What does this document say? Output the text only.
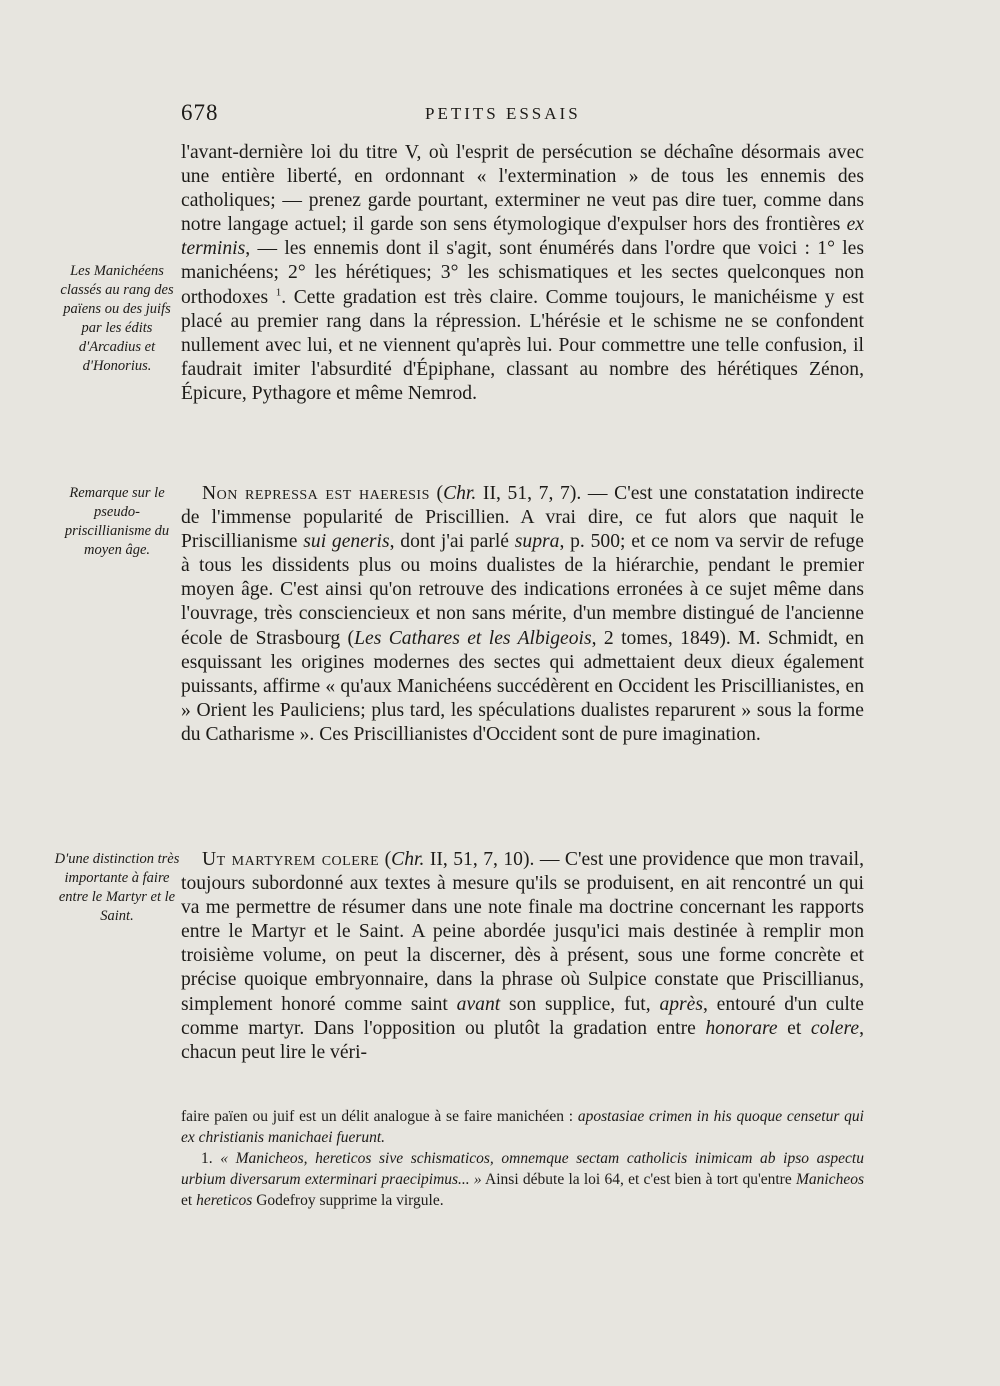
678	PETITS ESSAIS
Les Manichéens classés au rang des païens ou des juifs par les édits d'Arcadius et d'Honorius.
Remarque sur le pseudo-priscillianisme du moyen âge.
D'une distinction très importante à faire entre le Martyr et le Saint.

l'avant-dernière loi du titre V, où l'esprit de persécution se déchaîne désormais avec une entière liberté, en ordonnant « l'extermination » de tous les ennemis des catholiques; — prenez garde pourtant, exterminer ne veut pas dire tuer, comme dans notre langage actuel; il garde son sens étymologique d'expulser hors des frontières ex terminis, — les ennemis dont il s'agit, sont énumérés dans l'ordre que voici : 1° les manichéens; 2° les hérétiques; 3° les schismatiques et les sectes quelconques non orthodoxes $^1$. Cette gradation est très claire. Comme toujours, le manichéisme y est placé au premier rang dans la répression. L'hérésie et le schisme ne se confondent nullement avec lui, et ne viennent qu'après lui. Pour commettre une telle confusion, il faudrait imiter l'absurdité d'Épiphane, classant au nombre des hérétiques Zénon, Épicure, Pythagore et même Nemrod.

Non repressa est haeresis (Chr. II, 51, 7, 7). — C'est une constatation indirecte de l'immense popularité de Priscillien. A vrai dire, ce fut alors que naquit le Priscillianisme sui generis, dont j'ai parlé supra, p. 500; et ce nom va servir de refuge à tous les dissidents plus ou moins dualistes de la hiérarchie, pendant le premier moyen âge. C'est ainsi qu'on retrouve des indications erronées à ce sujet même dans l'ouvrage, très consciencieux et non sans mérite, d'un membre distingué de l'ancienne école de Strasbourg (Les Cathares et les Albigeois, 2 tomes, 1849). M. Schmidt, en esquissant les origines modernes des sectes qui admettaient deux dieux également puissants, affirme « qu'aux Manichéens succédèrent en Occident les Priscillianistes, en » Orient les Pauliciens; plus tard, les spéculations dualistes reparurent » sous la forme du Catharisme ». Ces Priscillianistes d'Occident sont de pure imagination.

Ut martyrem colere (Chr. II, 51, 7, 10). — C'est une providence que mon travail, toujours subordonné aux textes à mesure qu'ils se produisent, en ait rencontré un qui va me permettre de résumer dans une note finale ma doctrine concernant les rapports entre le Martyr et le Saint. A peine abordée jusqu'ici mais destinée à remplir mon troisième volume, on peut la discerner, dès à présent, sous une forme concrète et précise quoique embryonnaire, dans la phrase où Sulpice constate que Priscillianus, simplement honoré comme saint avant son supplice, fut, après, entouré d'un culte comme martyr. Dans l'opposition ou plutôt la gradation entre honorare et colere, chacun peut lire le véri-

faire païen ou juif est un délit analogue à se faire manichéen : apostasiae crimen in his quoque censetur qui ex christianis manichaei fuerunt.

1. « Manicheos, hereticos sive schismaticos, omnemque sectam catholicis inimicam ab ipso aspectu urbium diversarum exterminari praecipimus... » Ainsi débute la loi 64, et c'est bien à tort qu'entre Manicheos et hereticos Godefroy supprime la virgule.
